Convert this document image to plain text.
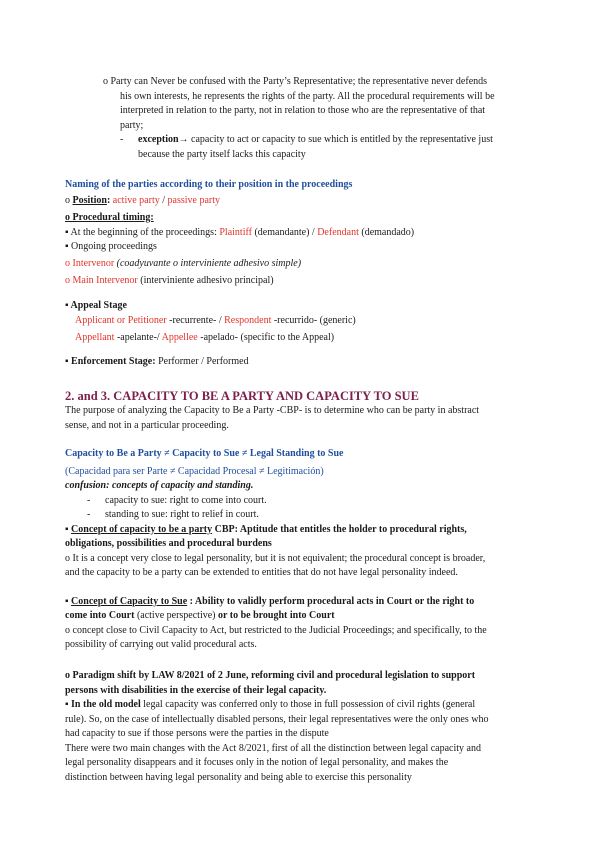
o Party can Never be confused with the Party’s Representative; the representative never defends

his own interests, he represents the rights of the party. All the procedural requirements will be

interpreted in relation to the party, not in relation to those who are the representative of that

party;

- exception→ capacity to act or capacity to sue which is entitled by the representative just

because the party itself lacks this capacity

Naming of the parties according to their position in the proceedings

o Position: active party / passive party

o Procedural timing:

▪ At the beginning of the proceedings: Plaintiff (demandante) / Defendant (demandado)

▪ Ongoing proceedings

o Intervenor (coadyuvante o interviniente adhesivo simple)

o Main Intervenor (interviniente adhesivo principal)

▪ Appeal Stage

Applicant or Petitioner -recurrente- / Respondent -recurrido- (generic)

Appellant -apelante-/ Appellee -apelado- (specific to the Appeal)

▪ Enforcement Stage: Performer / Performed

2. and 3. CAPACITY TO BE A PARTY AND CAPACITY TO SUE

The purpose of analyzing the Capacity to Be a Party -CBP- is to determine who can be party in abstract

sense, and not in a particular proceeding.

Capacity to Be a Party ≠ Capacity to Sue ≠ Legal Standing to Sue

(Capacidad para ser Parte ≠ Capacidad Procesal ≠ Legitimación)

confusion: concepts of capacity and standing.

- capacity to sue: right to come into court.

- standing to sue: right to relief in court.

▪ Concept of capacity to be a party CBP: Aptitude that entitles the holder to procedural rights,

obligations, possibilities and procedural burdens

o It is a concept very close to legal personality, but it is not equivalent; the procedural concept is broader,

and the capacity to be a party can be extended to entities that do not have legal personality indeed.

▪ Concept of Capacity to Sue : Ability to validly perform procedural acts in Court or the right to

come into Court (active perspective) or to be brought into Court

o concept close to Civil Capacity to Act, but restricted to the Judicial Proceedings; and specifically, to the

possibility of carrying out valid procedural acts.

o Paradigm shift by LAW 8/2021 of 2 June, reforming civil and procedural legislation to support

persons with disabilities in the exercise of their legal capacity.

▪ In the old model legal capacity was conferred only to those in full possession of civil rights (general

rule). So, on the case of intellectually disabled persons, their legal representatives were the only ones who

had capacity to sue if those persons were the parties in the dispute

There were two main changes with the Act 8/2021, first of all the distinction between legal capacity and

legal personality disappears and it focuses only in the notion of legal personality, and makes the

distinction between having legal personality and being able to exercise this personality
